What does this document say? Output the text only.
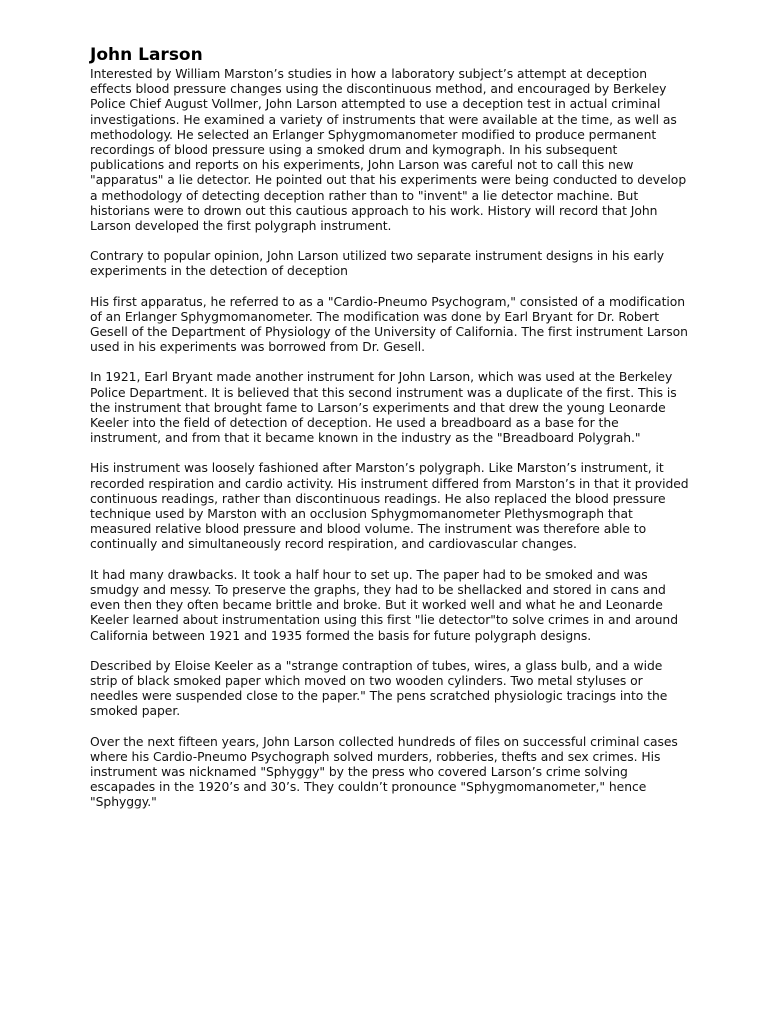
John Larson

Interested by William Marston’s studies in how a laboratory subject’s attempt at deception effects blood pressure changes using the discontinuous method, and encouraged by Berkeley Police Chief August Vollmer, John Larson attempted to use a deception test in actual criminal investigations. He examined a variety of instruments that were available at the time, as well as methodology. He selected an Erlanger Sphygmomanometer modified to produce permanent recordings of blood pressure using a smoked drum and kymograph. In his subsequent publications and reports on his experiments, John Larson was careful not to call this new "apparatus" a lie detector. He pointed out that his experiments were being conducted to develop a methodology of detecting deception rather than to "invent" a lie detector machine. But historians were to drown out this cautious approach to his work. History will record that John Larson developed the first polygraph instrument.

Contrary to popular opinion, John Larson utilized two separate instrument designs in his early experiments in the detection of deception

His first apparatus, he referred to as a "Cardio-Pneumo Psychogram," consisted of a modification of an Erlanger Sphygmomanometer. The modification was done by Earl Bryant for Dr. Robert Gesell of the Department of Physiology of the University of California. The first instrument Larson used in his experiments was borrowed from Dr. Gesell.

In 1921, Earl Bryant made another instrument for John Larson, which was used at the Berkeley Police Department. It is believed that this second instrument was a duplicate of the first. This is the instrument that brought fame to Larson’s experiments and that drew the young Leonarde Keeler into the field of detection of deception. He used a breadboard as a base for the instrument, and from that it became known in the industry as the "Breadboard Polygrah."

His instrument was loosely fashioned after Marston’s polygraph. Like Marston’s instrument, it recorded respiration and cardio activity. His instrument differed from Marston’s in that it provided continuous readings, rather than discontinuous readings. He also replaced the blood pressure technique used by Marston with an occlusion Sphygmomanometer Plethysmograph that measured relative blood pressure and blood volume. The instrument was therefore able to continually and simultaneously record respiration, and cardiovascular changes.

It had many drawbacks. It took a half hour to set up. The paper had to be smoked and was smudgy and messy. To preserve the graphs, they had to be shellacked and stored in cans and even then they often became brittle and broke. But it worked well and what he and Leonarde Keeler learned about instrumentation using this first "lie detector"to solve crimes in and around California between 1921 and 1935 formed the basis for future polygraph designs.

Described by Eloise Keeler as a "strange contraption of tubes, wires, a glass bulb, and a wide strip of black smoked paper which moved on two wooden cylinders. Two metal styluses or needles were suspended close to the paper." The pens scratched physiologic tracings into the smoked paper.

Over the next fifteen years, John Larson collected hundreds of files on successful criminal cases where his Cardio-Pneumo Psychograph solved murders, robberies, thefts and sex crimes. His instrument was nicknamed "Sphyggy" by the press who covered Larson’s crime solving escapades in the 1920’s and 30’s. They couldn’t pronounce "Sphygmomanometer," hence "Sphyggy."
